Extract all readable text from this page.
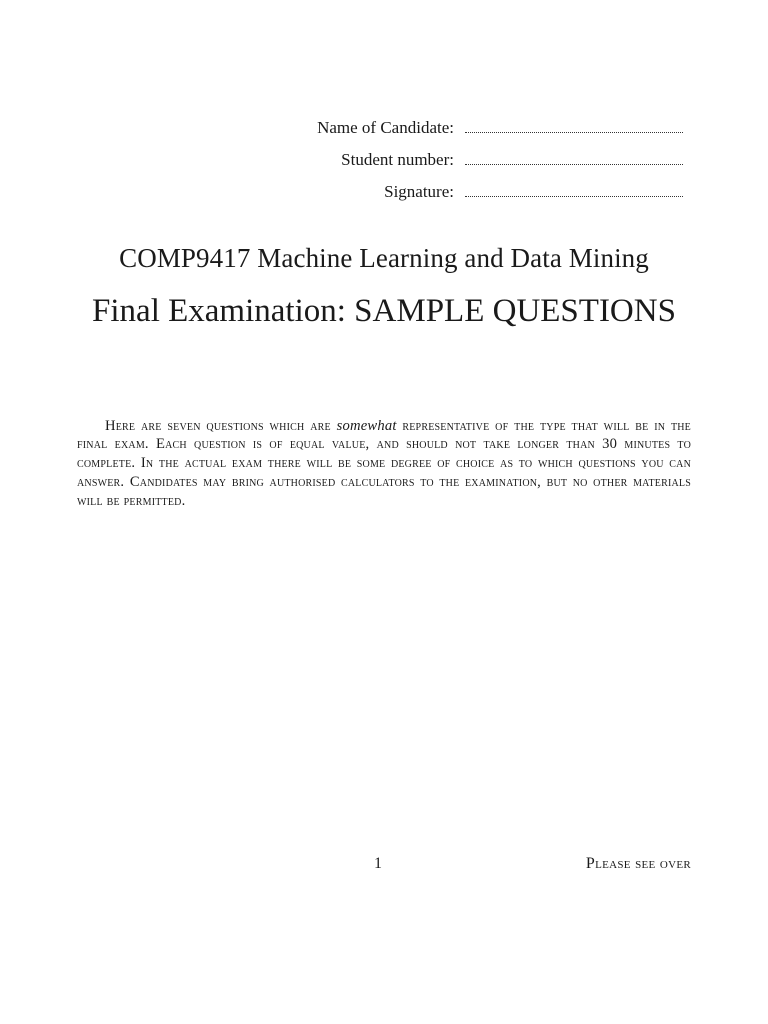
Name of Candidate:
Student number:
Signature:
COMP9417 Machine Learning and Data Mining
Final Examination: SAMPLE QUESTIONS

Here are seven questions which are somewhat representative of the type that will be in the final exam. Each question is of equal value, and should not take longer than 30 minutes to complete. In the actual exam there will be some degree of choice as to which questions you can answer. Candidates may bring authorised calculators to the examination, but no other materials will be permitted.

1	Please see over
